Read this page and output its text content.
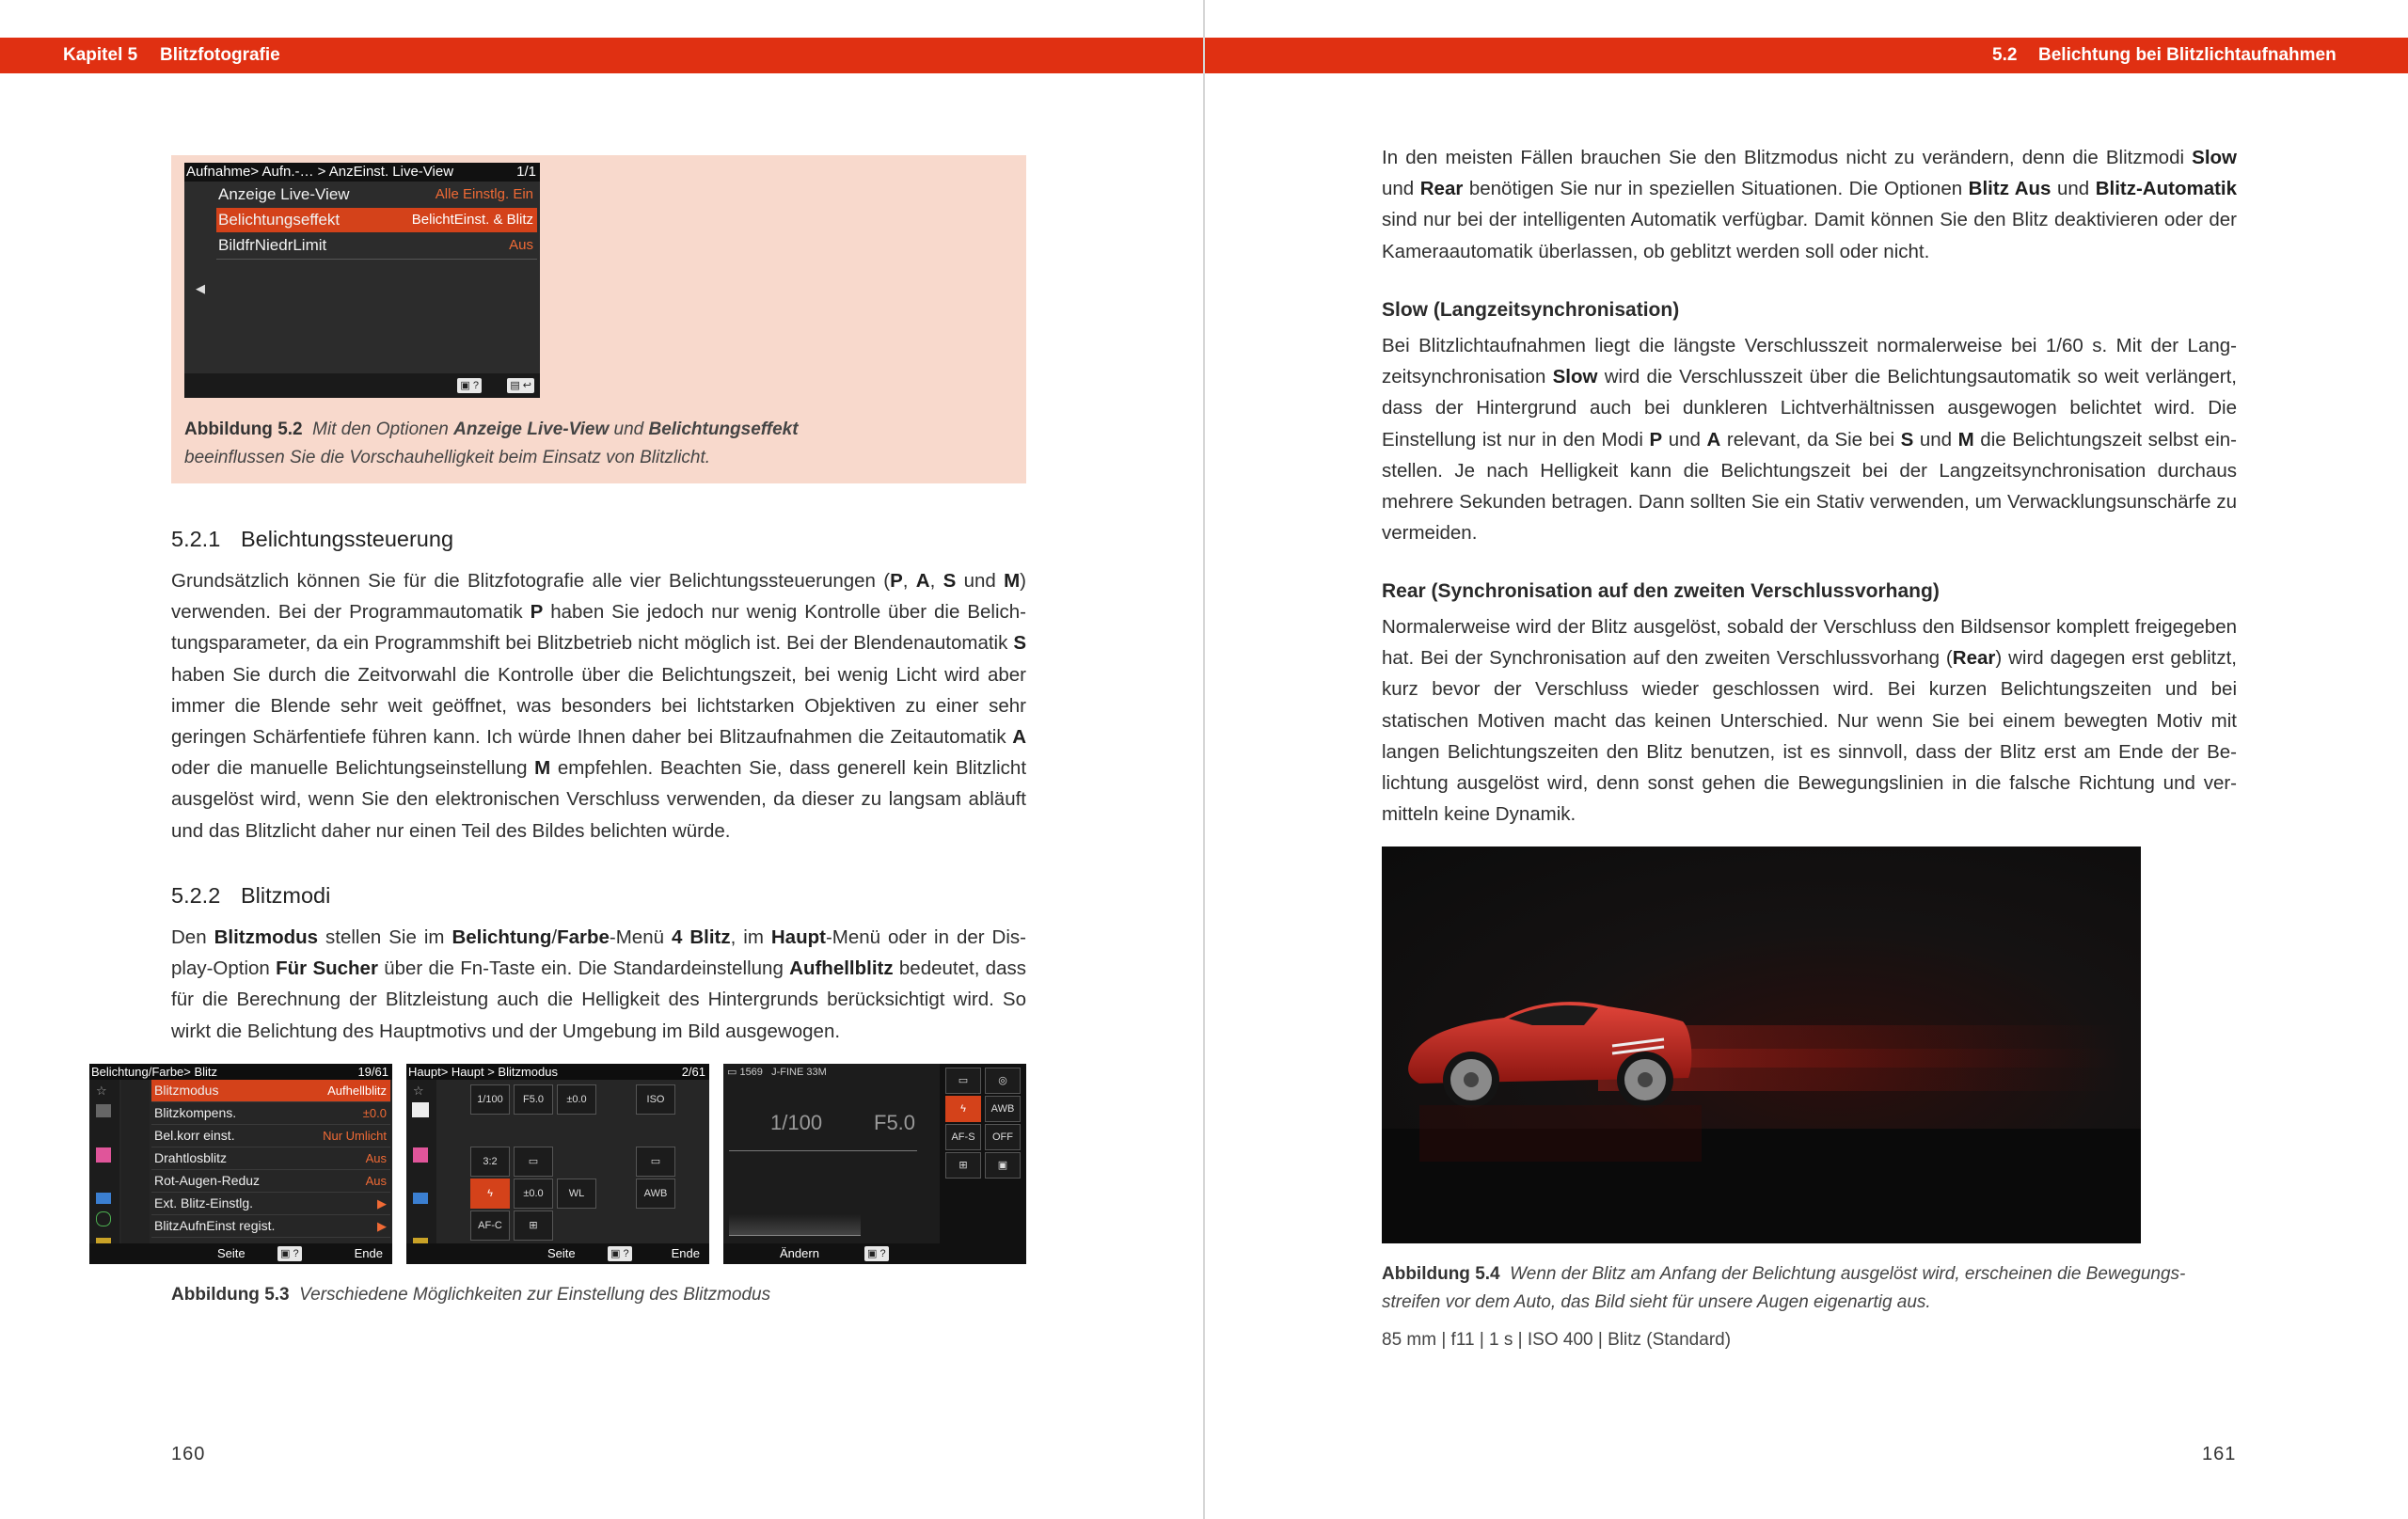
Kapitel 5 Blitzfotografie
Aufnahme> Aufn.-… > AnzEinst. Live-View	1/1
Anzeige Live-View	Alle Einstlg. Ein
Belichtungseffekt	BelichtEinst. & Blitz
BildfrNiedrLimit	Aus
◀
▣ ?	▤ ↩
Abbildung 5.2 Mit den Optionen Anzeige Live-View und Belichtungseffekt
beeinflussen Sie die Vorschauhelligkeit beim Einsatz von Blitzlicht.
5.2.1 Belichtungssteuerung
Grundsätzlich können Sie für die Blitzfotografie alle vier Belichtungssteuerungen (P, A, S und M) verwenden. Bei der Programmautomatik P haben Sie jedoch nur wenig Kontrolle über die Belichtungsparameter, da ein Programmshift bei Blitzbetrieb nicht möglich ist. Bei der Blendenautomatik S haben Sie durch die Zeitvorwahl die Kontrolle über die Belichtungszeit, bei wenig Licht wird aber immer die Blende sehr weit geöffnet, was besonders bei lichtstarken Objektiven zu einer sehr geringen Schärfentiefe führen kann. Ich würde Ihnen daher bei Blitzaufnahmen die Zeitautomatik A oder die manuelle Belichtungseinstellung M empfehlen. Beachten Sie, dass generell kein Blitzlicht ausgelöst wird, wenn Sie den elektronischen Verschluss verwenden, da dieser zu langsam abläuft und das Blitzlicht daher nur einen Teil des Bildes belichten würde.
5.2.2 Blitzmodi
Den Blitzmodus stellen Sie im Belichtung/Farbe-Menü 4 Blitz, im Haupt-Menü oder in der Display-Option Für Sucher über die Fn-Taste ein. Die Standardeinstellung Aufhellblitz bedeutet, dass für die Berechnung der Blitzleistung auch die Helligkeit des Hintergrunds berücksichtigt wird. So wirkt die Belichtung des Hauptmotivs und der Umgebung im Bild ausgewogen.
Belichtung/Farbe> Blitz	19/61
☆	Blitzmodus	Aufhellblitz
Blitzkompens.	±0.0
Bel.korr einst.	Nur Umlicht
Drahtlosblitz	Aus
Rot-Augen-Reduz	Aus
Ext. Blitz-Einstlg.	▶
BlitzAufnEinst regist.	▶
Seite	▣ ?	Ende
Haupt> Haupt > Blitzmodus	2/61
☆
1/100	F5.0	±0.0	ISO
3:2	▭	▭
ϟ	±0.0	WL	AWB
AF-C	⊞
Seite	▣ ?	Ende
▭ 1569   J-FINE 33M
1/100 F5.0
▭	◎
ϟ	AWB
AF-S	OFF
⊞	▣
Ändern	▣ ?
Abbildung 5.3 Verschiedene Möglichkeiten zur Einstellung des Blitzmodus
160
5.2 Belichtung bei Blitzlichtaufnahmen
In den meisten Fällen brauchen Sie den Blitzmodus nicht zu verändern, denn die Blitzmodi Slow und Rear benötigen Sie nur in speziellen Situationen. Die Optionen Blitz Aus und Blitz-Automatik sind nur bei der intelligenten Automatik verfügbar. Damit können Sie den Blitz deaktivieren oder der Kameraautomatik überlassen, ob geblitzt werden soll oder nicht.
Slow (Langzeitsynchronisation)
Bei Blitzlichtaufnahmen liegt die längste Verschlusszeit normalerweise bei 1/60 s. Mit der Langzeitsynchronisation Slow wird die Verschlusszeit über die Belichtungsautomatik so weit verlängert, dass der Hintergrund auch bei dunkleren Lichtverhältnissen ausgewogen belichtet wird. Die Einstellung ist nur in den Modi P und A relevant, da Sie bei S und M die Belichtungszeit selbst einstellen. Je nach Helligkeit kann die Belichtungszeit bei der Langzeitsynchronisation durchaus mehrere Sekunden betragen. Dann sollten Sie ein Stativ verwenden, um Verwacklungsunschärfe zu vermeiden.
Rear (Synchronisation auf den zweiten Verschlussvorhang)
Normalerweise wird der Blitz ausgelöst, sobald der Verschluss den Bildsensor komplett freigegeben hat. Bei der Synchronisation auf den zweiten Verschlussvorhang (Rear) wird dagegen erst geblitzt, kurz bevor der Verschluss wieder geschlossen wird. Bei kurzen Belichtungszeiten und bei statischen Motiven macht das keinen Unterschied. Nur wenn Sie bei einem bewegten Motiv mit langen Belichtungszeiten den Blitz benutzen, ist es sinnvoll, dass der Blitz erst am Ende der Belichtung ausgelöst wird, denn sonst gehen die Bewegungslinien in die falsche Richtung und vermitteln keine Dynamik.
Abbildung 5.4 Wenn der Blitz am Anfang der Belichtung ausgelöst wird, erscheinen die Bewegungsstreifen vor dem Auto, das Bild sieht für unsere Augen eigenartig aus.
85 mm | f11 | 1 s | ISO 400 | Blitz (Standard)
161
